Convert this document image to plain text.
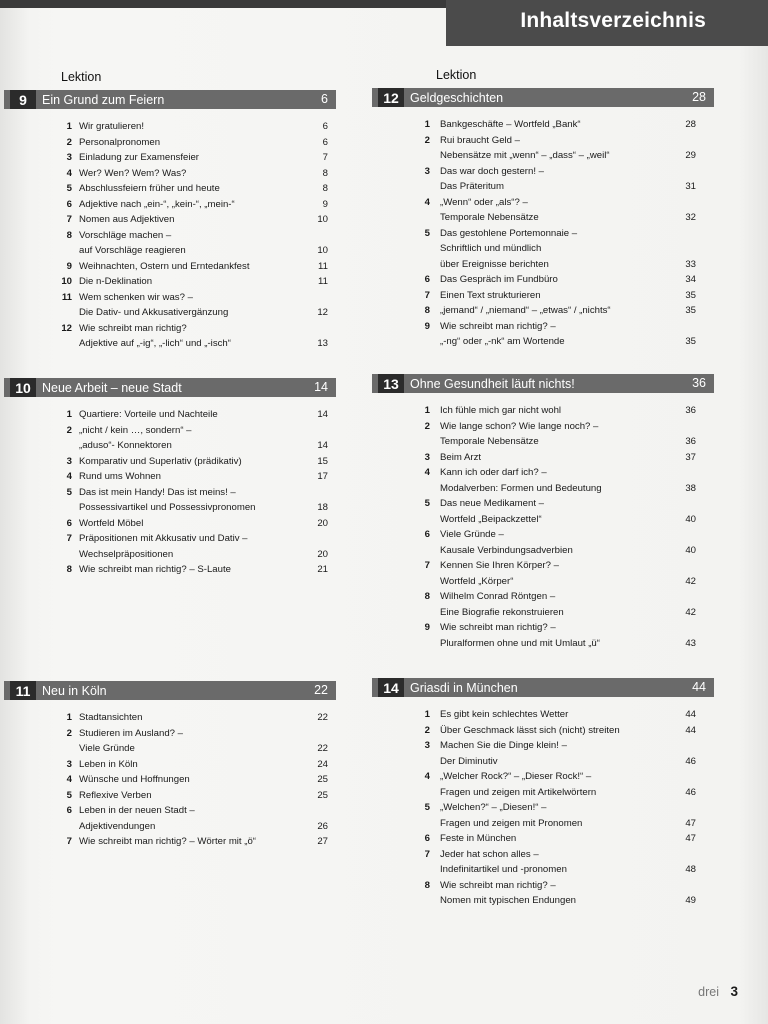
Inhaltsverzeichnis
Lektion	Lektion
9	Ein Grund zum Feiern	6
1 Wir gratulieren!	6
2 Personalpronomen	6
3 Einladung zur Examensfeier	7
4 Wer? Wen? Wem? Was?	8
5 Abschlussfeiern früher und heute	8
6 Adjektive nach „ein-“, „kein-“, „mein-“	9
7 Nomen aus Adjektiven	10
8 Vorschläge machen –
auf Vorschläge reagieren	10
9 Weihnachten, Ostern und Erntedankfest	11
10 Die n-Deklination	11
11 Wem schenken wir was? –
Die Dativ- und Akkusativergänzung	12
12 Wie schreibt man richtig?
Adjektive auf „-ig“, „-lich“ und „-isch“	13
10 Neue Arbeit – neue Stadt	14
1 Quartiere: Vorteile und Nachteile	14
2 „nicht / kein …, sondern“ –
„aduso“- Konnektoren	14
3 Komparativ und Superlativ (prädikativ)	15
4 Rund ums Wohnen	17
5 Das ist mein Handy! Das ist meins! –
Possessivartikel und Possessivpronomen	18
6 Wortfeld Möbel	20
7 Präpositionen mit Akkusativ und Dativ –
Wechselpräpositionen	20
8 Wie schreibt man richtig? – S-Laute	21
11 Neu in Köln	22
1 Stadtansichten	22
2 Studieren im Ausland? –
Viele Gründe	22
3 Leben in Köln	24
4 Wünsche und Hoffnungen	25
5 Reflexive Verben	25
6 Leben in der neuen Stadt –
Adjektivendungen	26
7 Wie schreibt man richtig? – Wörter mit „ö“	27
12 Geldgeschichten	28
1 Bankgeschäfte – Wortfeld „Bank“	28
2 Rui braucht Geld –
Nebensätze mit „wenn“ – „dass“ – „weil“	29
3 Das war doch gestern! –
Das Präteritum	31
4 „Wenn“ oder „als“? –
Temporale Nebensätze	32
5 Das gestohlene Portemonnaie –
Schriftlich und mündlich
über Ereignisse berichten	33
6 Das Gespräch im Fundbüro	34
7 Einen Text strukturieren	35
8 „jemand“ / „niemand“ – „etwas“ / „nichts“	35
9 Wie schreibt man richtig? –
„-ng“ oder „-nk“ am Wortende	35
13 Ohne Gesundheit läuft nichts!	36
1 Ich fühle mich gar nicht wohl	36
2 Wie lange schon? Wie lange noch? –
Temporale Nebensätze	36
3 Beim Arzt	37
4 Kann ich oder darf ich? –
Modalverben: Formen und Bedeutung	38
5 Das neue Medikament –
Wortfeld „Beipackzettel“	40
6 Viele Gründe –
Kausale Verbindungsadverbien	40
7 Kennen Sie Ihren Körper? –
Wortfeld „Körper“	42
8 Wilhelm Conrad Röntgen –
Eine Biografie rekonstruieren	42
9 Wie schreibt man richtig? –
Pluralformen ohne und mit Umlaut „ü“	43
14 Griasdi in München	44
1 Es gibt kein schlechtes Wetter	44
2 Über Geschmack lässt sich (nicht) streiten	44
3 Machen Sie die Dinge klein! –
Der Diminutiv	46
4 „Welcher Rock?“ – „Dieser Rock!“ –
Fragen und zeigen mit Artikelwörtern	46
5 „Welchen?“ – „Diesen!“ –
Fragen und zeigen mit Pronomen	47
6 Feste in München	47
7 Jeder hat schon alles –
Indefinitartikel und -pronomen	48
8 Wie schreibt man richtig? –
Nomen mit typischen Endungen	49
drei 3
